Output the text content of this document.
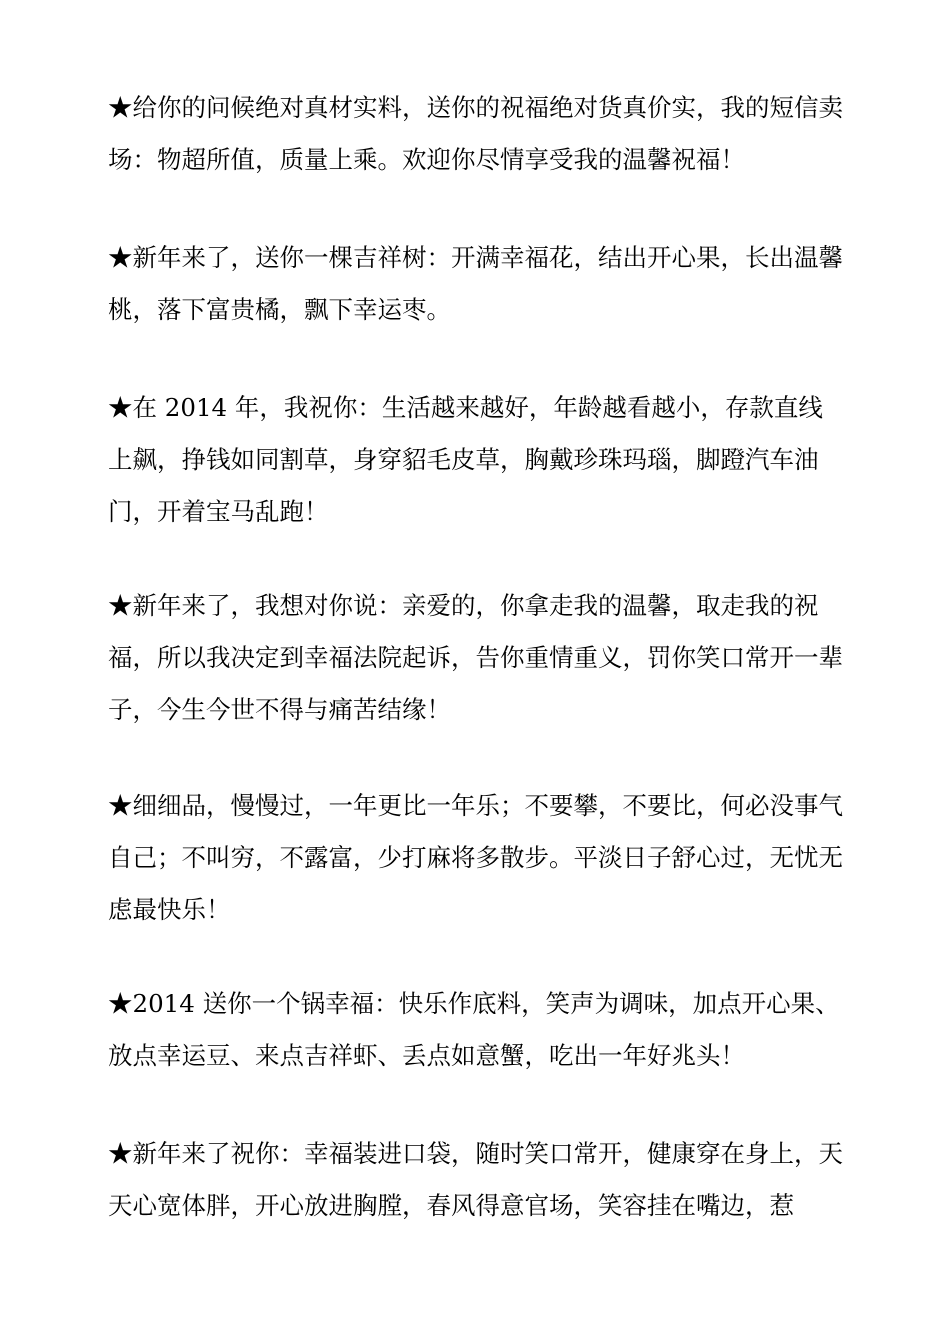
★给你的问候绝对真材实料，送你的祝福绝对货真价实，我的短信卖场：物超所值，质量上乘。欢迎你尽情享受我的温馨祝福！

★新年来了，送你一棵吉祥树：开满幸福花，结出开心果，长出温馨桃，落下富贵橘，飘下幸运枣。

★在 2014 年，我祝你：生活越来越好，年龄越看越小，存款直线上飙，挣钱如同割草，身穿貂毛皮草，胸戴珍珠玛瑙，脚蹬汽车油门，开着宝马乱跑！

★新年来了，我想对你说：亲爱的，你拿走我的温馨，取走我的祝福，所以我决定到幸福法院起诉，告你重情重义，罚你笑口常开一辈子，今生今世不得与痛苦结缘！

★细细品，慢慢过，一年更比一年乐；不要攀，不要比，何必没事气自己；不叫穷，不露富，少打麻将多散步。平淡日子舒心过，无忧无虑最快乐！

★2014 送你一个锅幸福：快乐作底料，笑声为调味，加点开心果、放点幸运豆、来点吉祥虾、丢点如意蟹，吃出一年好兆头！

★新年来了祝你：幸福装进口袋，随时笑口常开，健康穿在身上，天天心宽体胖，开心放进胸膛，春风得意官场，笑容挂在嘴边，惹
